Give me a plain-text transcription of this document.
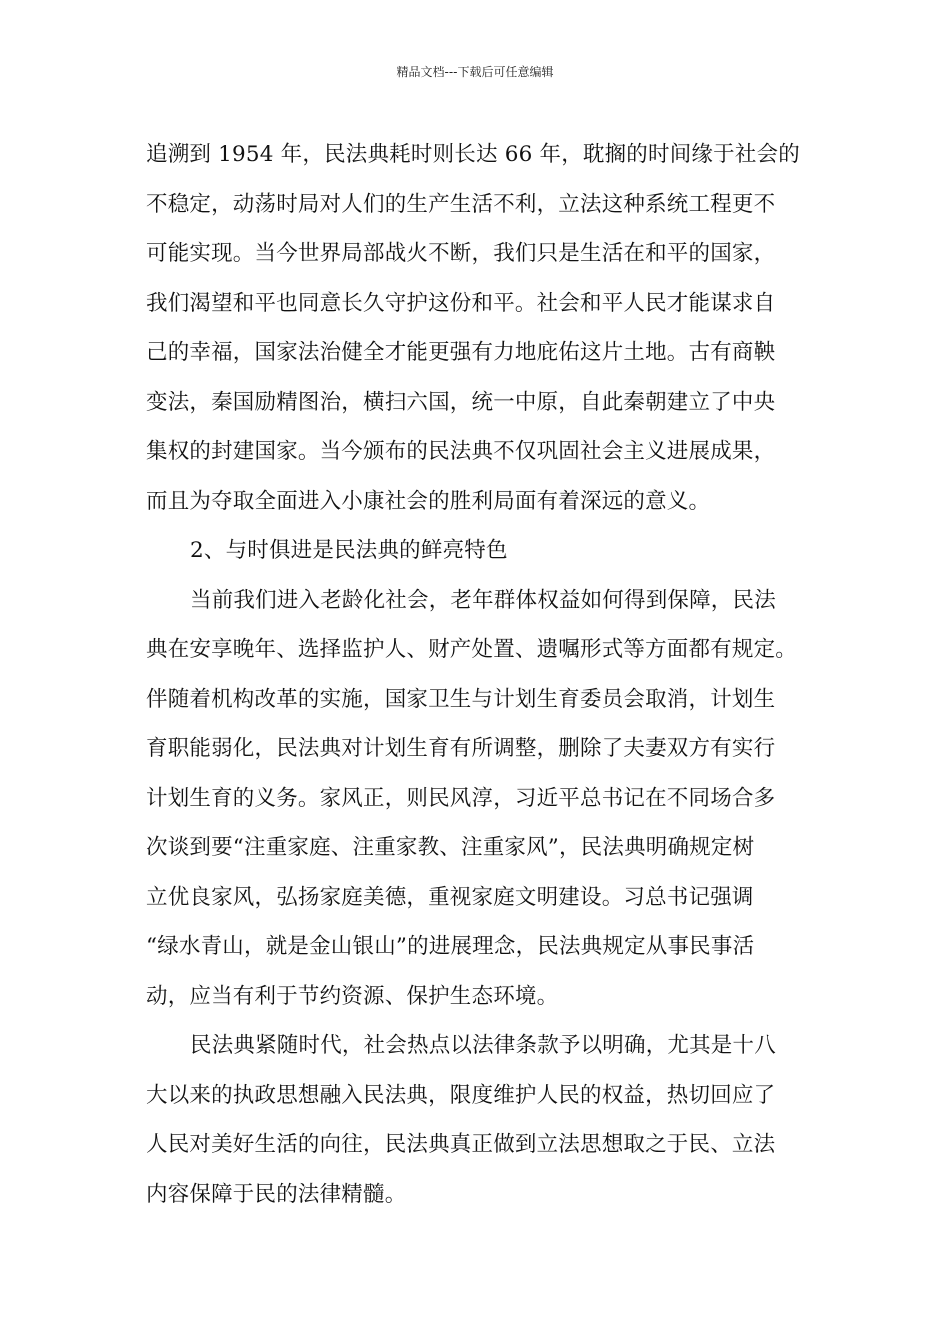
精品文档---下载后可任意编辑
追溯到 1954 年，民法典耗时则长达 66 年，耽搁的时间缘于社会的
不稳定，动荡时局对人们的生产生活不利，立法这种系统工程更不
可能实现。当今世界局部战火不断，我们只是生活在和平的国家，
我们渴望和平也同意长久守护这份和平。社会和平人民才能谋求自
己的幸福，国家法治健全才能更强有力地庇佑这片土地。古有商鞅
变法，秦国励精图治，横扫六国，统一中原，自此秦朝建立了中央
集权的封建国家。当今颁布的民法典不仅巩固社会主义进展成果，
而且为夺取全面进入小康社会的胜利局面有着深远的意义。
2、与时俱进是民法典的鲜亮特色
当前我们进入老龄化社会，老年群体权益如何得到保障，民法
典在安享晚年、选择监护人、财产处置、遗嘱形式等方面都有规定。
伴随着机构改革的实施，国家卫生与计划生育委员会取消，计划生
育职能弱化，民法典对计划生育有所调整，删除了夫妻双方有实行
计划生育的义务。家风正，则民风淳，习近平总书记在不同场合多
次谈到要“注重家庭、注重家教、注重家风”，民法典明确规定树
立优良家风，弘扬家庭美德，重视家庭文明建设。习总书记强调
“绿水青山，就是金山银山”的进展理念，民法典规定从事民事活
动，应当有利于节约资源、保护生态环境。
民法典紧随时代，社会热点以法律条款予以明确，尤其是十八
大以来的执政思想融入民法典，限度维护人民的权益，热切回应了
人民对美好生活的向往，民法典真正做到立法思想取之于民、立法
内容保障于民的法律精髓。
